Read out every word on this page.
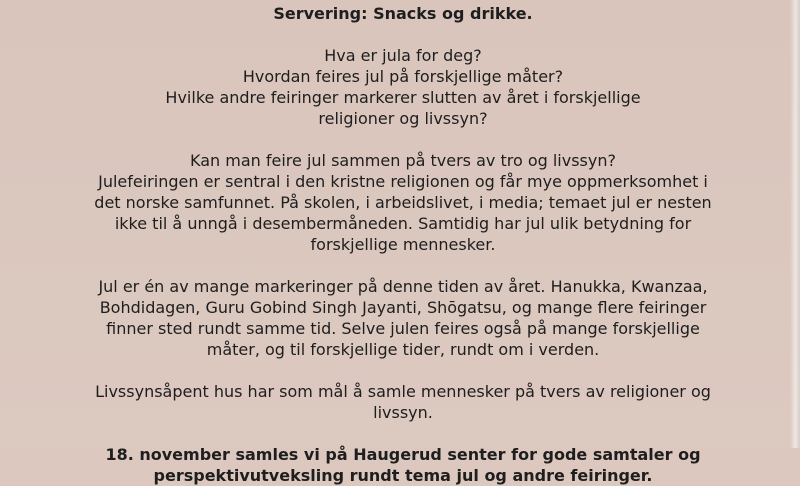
Servering: Snacks og drikke.
Hva er jula for deg?
Hvordan feires jul på forskjellige måter?
Hvilke andre feiringer markerer slutten av året i forskjellige
religioner og livssyn?
Kan man feire jul sammen på tvers av tro og livssyn?
Julefeiringen er sentral i den kristne religionen og får mye oppmerksomhet i
det norske samfunnet. På skolen, i arbeidslivet, i media; temaet jul er nesten
ikke til å unngå i desembermåneden. Samtidig har jul ulik betydning for
forskjellige mennesker.
Jul er én av mange markeringer på denne tiden av året. Hanukka, Kwanzaa,
Bohdidagen, Guru Gobind Singh Jayanti, Shōgatsu, og mange flere feiringer
finner sted rundt samme tid. Selve julen feires også på mange forskjellige
måter, og til forskjellige tider, rundt om i verden.
Livssynsåpent hus har som mål å samle mennesker på tvers av religioner og
livssyn.
18. november samles vi på Haugerud senter for gode samtaler og
perspektivutveksling rundt tema jul og andre feiringer.
